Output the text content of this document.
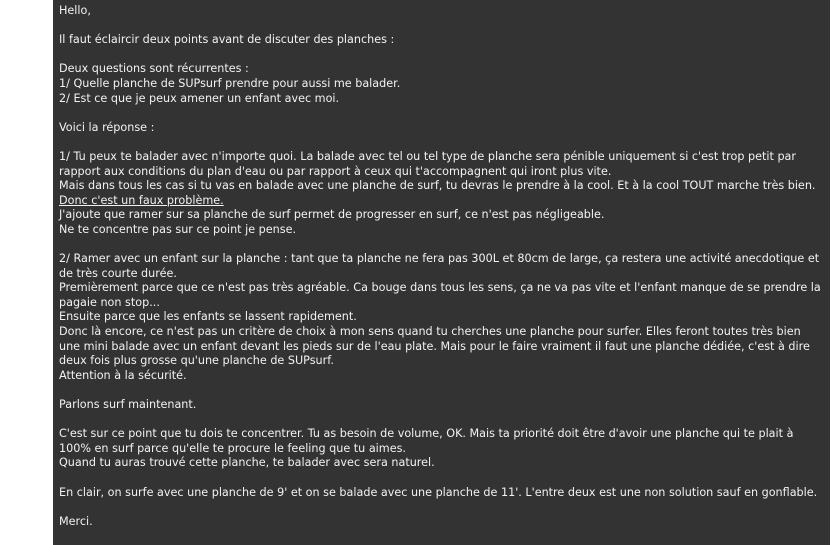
Hello,
Il faut éclaircir deux points avant de discuter des planches :
Deux questions sont récurrentes :
1/ Quelle planche de SUPsurf prendre pour aussi me balader.
2/ Est ce que je peux amener un enfant avec moi.
Voici la réponse :
1/ Tu peux te balader avec n'importe quoi. La balade avec tel ou tel type de planche sera pénible uniquement si c'est trop petit par
rapport aux conditions du plan d'eau ou par rapport à ceux qui t'accompagnent qui iront plus vite.
Mais dans tous les cas si tu vas en balade avec une planche de surf, tu devras le prendre à la cool. Et à la cool TOUT marche très bien.
Donc c'est un faux problème.
J'ajoute que ramer sur sa planche de surf permet de progresser en surf, ce n'est pas négligeable.
Ne te concentre pas sur ce point je pense.
2/ Ramer avec un enfant sur la planche : tant que ta planche ne fera pas 300L et 80cm de large, ça restera une activité anecdotique et
de très courte durée.
Premièrement parce que ce n'est pas très agréable. Ca bouge dans tous les sens, ça ne va pas vite et l'enfant manque de se prendre la
pagaie non stop...
Ensuite parce que les enfants se lassent rapidement.
Donc là encore, ce n'est pas un critère de choix à mon sens quand tu cherches une planche pour surfer. Elles feront toutes très bien
une mini balade avec un enfant devant les pieds sur de l'eau plate. Mais pour le faire vraiment il faut une planche dédiée, c'est à dire
deux fois plus grosse qu'une planche de SUPsurf.
Attention à la sécurité.
Parlons surf maintenant.
C'est sur ce point que tu dois te concentrer. Tu as besoin de volume, OK. Mais ta priorité doit être d'avoir une planche qui te plait à
100% en surf parce qu'elle te procure le feeling que tu aimes.
Quand tu auras trouvé cette planche, te balader avec sera naturel.
En clair, on surfe avec une planche de 9' et on se balade avec une planche de 11'. L'entre deux est une non solution sauf en gonflable.
Merci.
